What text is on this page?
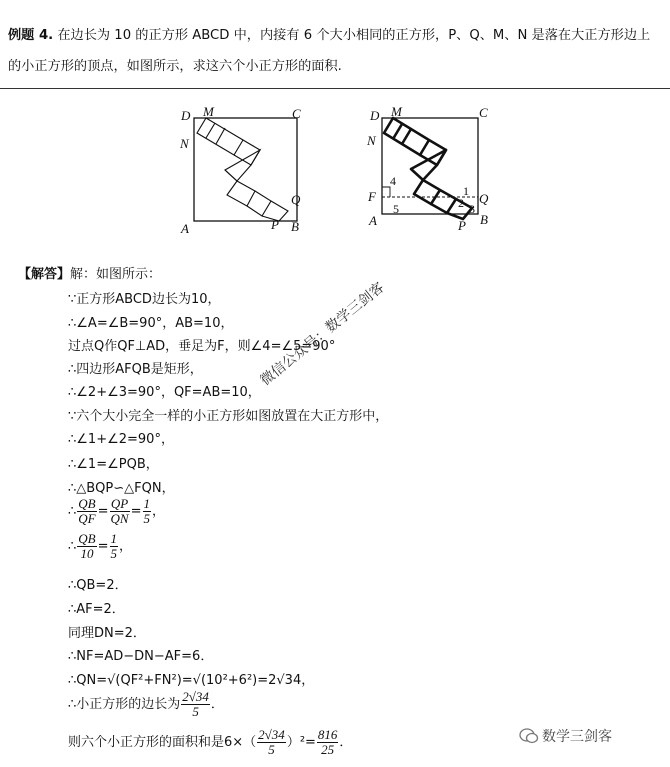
例题 4. 在边长为 10 的正方形 ABCD 中，内接有 6 个大小相同的正方形，P、Q、M、N 是落在大正方形边上的小正方形的顶点，如图所示，求这六个小正方形的面积.
D M	C
N
Q
A	P B
D M	C
N
F
4
5	2
1
3
Q
A	B
P
【解答】解：如图所示：
∵正方形ABCD边长为10，
∴∠A=∠B=90°，AB=10，
过点Q作QF⊥AD，垂足为F，则∠4=∠5=90°
∴四边形AFQB是矩形，
∴∠2+∠3=90°，QF=AB=10，
∵六个大小完全一样的小正方形如图放置在大正方形中，
∴∠1+∠2=90°，
∴∠1=∠PQB，
∴△BQP∽△FQN，
∴ $\frac{QB}{QF} = \frac{QP}{QN} = \frac{1}{5}$ ，
∴ $\frac{QB}{10} = \frac{1}{5}$ ，
∴QB=2．
∴AF=2．
同理DN=2．
∴NF=AD−DN−AF=6．
∴QN=√(QF²+FN²)=√(10²+6²)=2√34，
∴小正方形的边长为 $\frac{2√34}{5}$ ．
则六个小正方形的面积和是$6\times( \frac{2√34}{5} )^2= \frac{816}{25}$ ．
微信公众号：数学三剑客
数学三剑客
